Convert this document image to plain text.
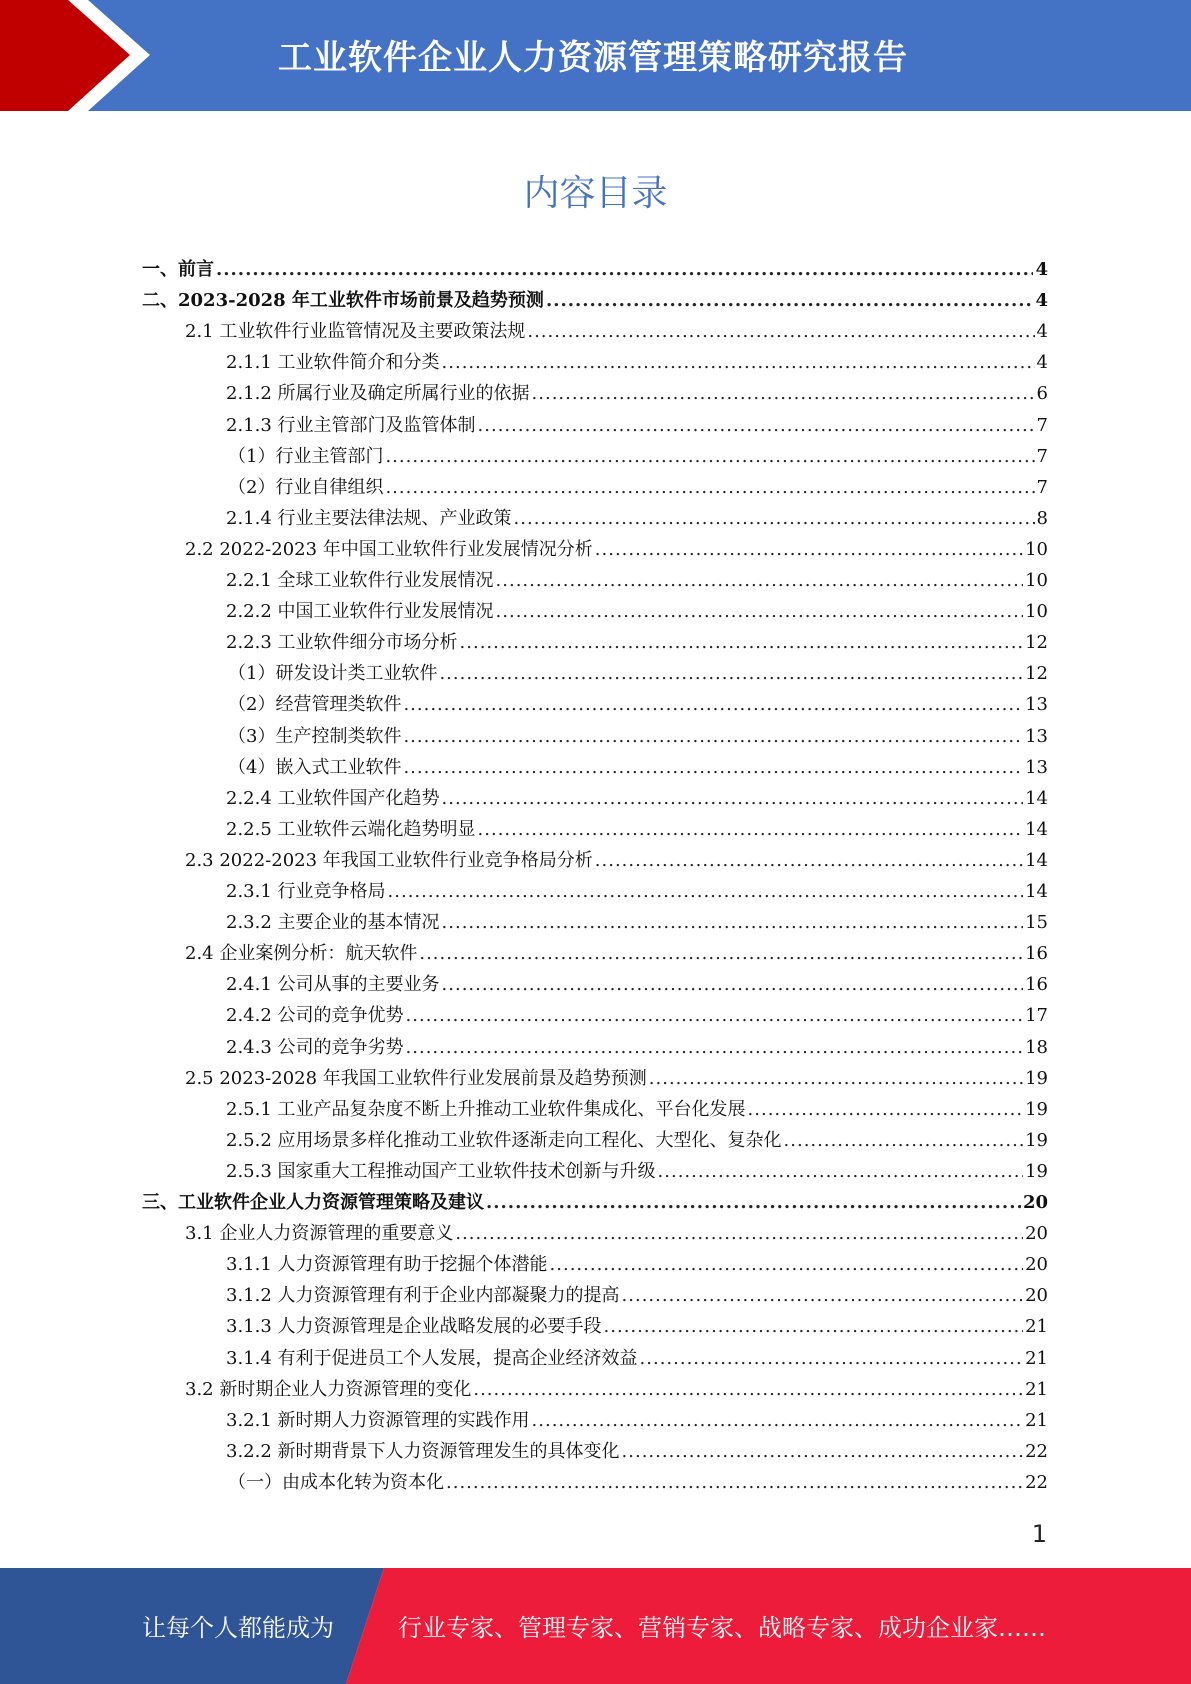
工业软件企业人力资源管理策略研究报告
内容目录
一、前言 .....	4
二、2023-2028 年工业软件市场前景及趋势预测 .....	4
2.1 工业软件行业监管情况及主要政策法规 .....	4
2.1.1 工业软件简介和分类 .....	4
2.1.2 所属行业及确定所属行业的依据 .....	6
2.1.3 行业主管部门及监管体制 .....	7
（1）行业主管部门 .....	7
（2）行业自律组织 .....	7
2.1.4 行业主要法律法规、产业政策 .....	8
2.2 2022-2023 年中国工业软件行业发展情况分析 .....	10
2.2.1 全球工业软件行业发展情况 .....	10
2.2.2 中国工业软件行业发展情况 .....	10
2.2.3 工业软件细分市场分析 .....	12
（1）研发设计类工业软件 .....	12
（2）经营管理类软件 .....	13
（3）生产控制类软件 .....	13
（4）嵌入式工业软件 .....	13
2.2.4 工业软件国产化趋势 .....	14
2.2.5 工业软件云端化趋势明显 .....	14
2.3 2022-2023 年我国工业软件行业竞争格局分析 .....	14
2.3.1 行业竞争格局 .....	14
2.3.2 主要企业的基本情况 .....	15
2.4 企业案例分析：航天软件 .....	16
2.4.1 公司从事的主要业务 .....	16
2.4.2 公司的竞争优势 .....	17
2.4.3 公司的竞争劣势 .....	18
2.5 2023-2028 年我国工业软件行业发展前景及趋势预测 .....	19
2.5.1 工业产品复杂度不断上升推动工业软件集成化、平台化发展 .....	19
2.5.2 应用场景多样化推动工业软件逐渐走向工程化、大型化、复杂化 .....	19
2.5.3 国家重大工程推动国产工业软件技术创新与升级 .....	19
三、工业软件企业人力资源管理策略及建议 .....	20
3.1 企业人力资源管理的重要意义 .....	20
3.1.1 人力资源管理有助于挖掘个体潜能 .....	20
3.1.2 人力资源管理有利于企业内部凝聚力的提高 .....	20
3.1.3 人力资源管理是企业战略发展的必要手段 .....	21
3.1.4 有利于促进员工个人发展，提高企业经济效益 .....	21
3.2 新时期企业人力资源管理的变化 .....	21
3.2.1 新时期人力资源管理的实践作用 .....	21
3.2.2 新时期背景下人力资源管理发生的具体变化 .....	22
（一）由成本化转为资本化 .....	22
1
让每个人都能成为	行业专家、管理专家、营销专家、战略专家、成功企业家……
